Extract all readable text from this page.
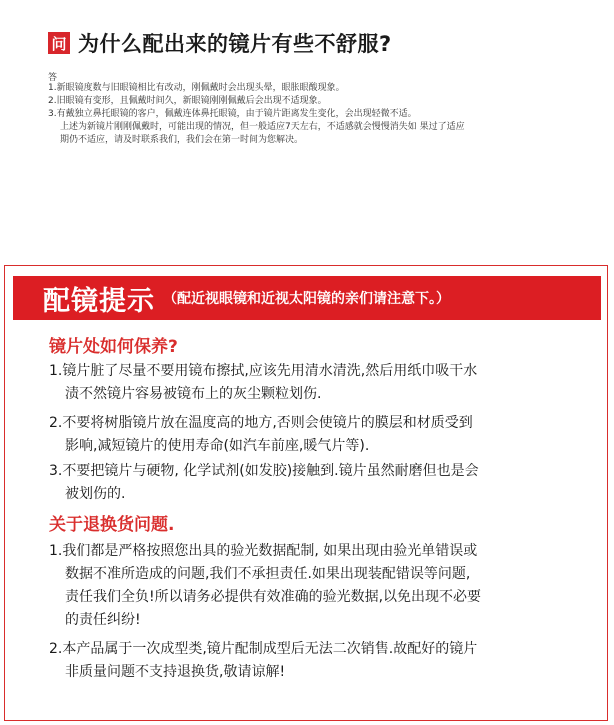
问 为什么配出来的镜片有些不舒服?
答
1.新眼镜度数与旧眼镜相比有改动，刚佩戴时会出现头晕，眼胀眼酸现象。
2.旧眼镜有变形，且佩戴时间久，新眼镜刚刚佩戴后会出现不适现象。
3.有戴独立鼻托眼镜的客户，佩戴连体鼻托眼镜，由于镜片距离发生变化，会出现轻微不适。
上述为新镜片刚刚佩戴时，可能出现的情况，但一般适应7天左右，不适感就会慢慢消失如 果过了适应
期仍不适应，请及时联系我们，我们会在第一时间为您解决。
配镜提示 （配近视眼镜和近视太阳镜的亲们请注意下。）
镜片处如何保养?
1.镜片脏了尽量不要用镜布擦拭,应该先用清水清洗,然后用纸巾吸干水
渍不然镜片容易被镜布上的灰尘颗粒划伤.
2.不要将树脂镜片放在温度高的地方,否则会使镜片的膜层和材质受到
影响,减短镜片的使用寿命(如汽车前座,暖气片等).
3.不要把镜片与硬物, 化学试剂(如发胶)接触到.镜片虽然耐磨但也是会
被划伤的.
关于退换货问题.
1.我们都是严格按照您出具的验光数据配制, 如果出现由验光单错误或
数据不准所造成的问题,我们不承担责任.如果出现装配错误等问题,
责任我们全负!所以请务必提供有效准确的验光数据,以免出现不必要
的责任纠纷!
2.本产品属于一次成型类,镜片配制成型后无法二次销售.故配好的镜片
非质量问题不支持退换货,敬请谅解!
